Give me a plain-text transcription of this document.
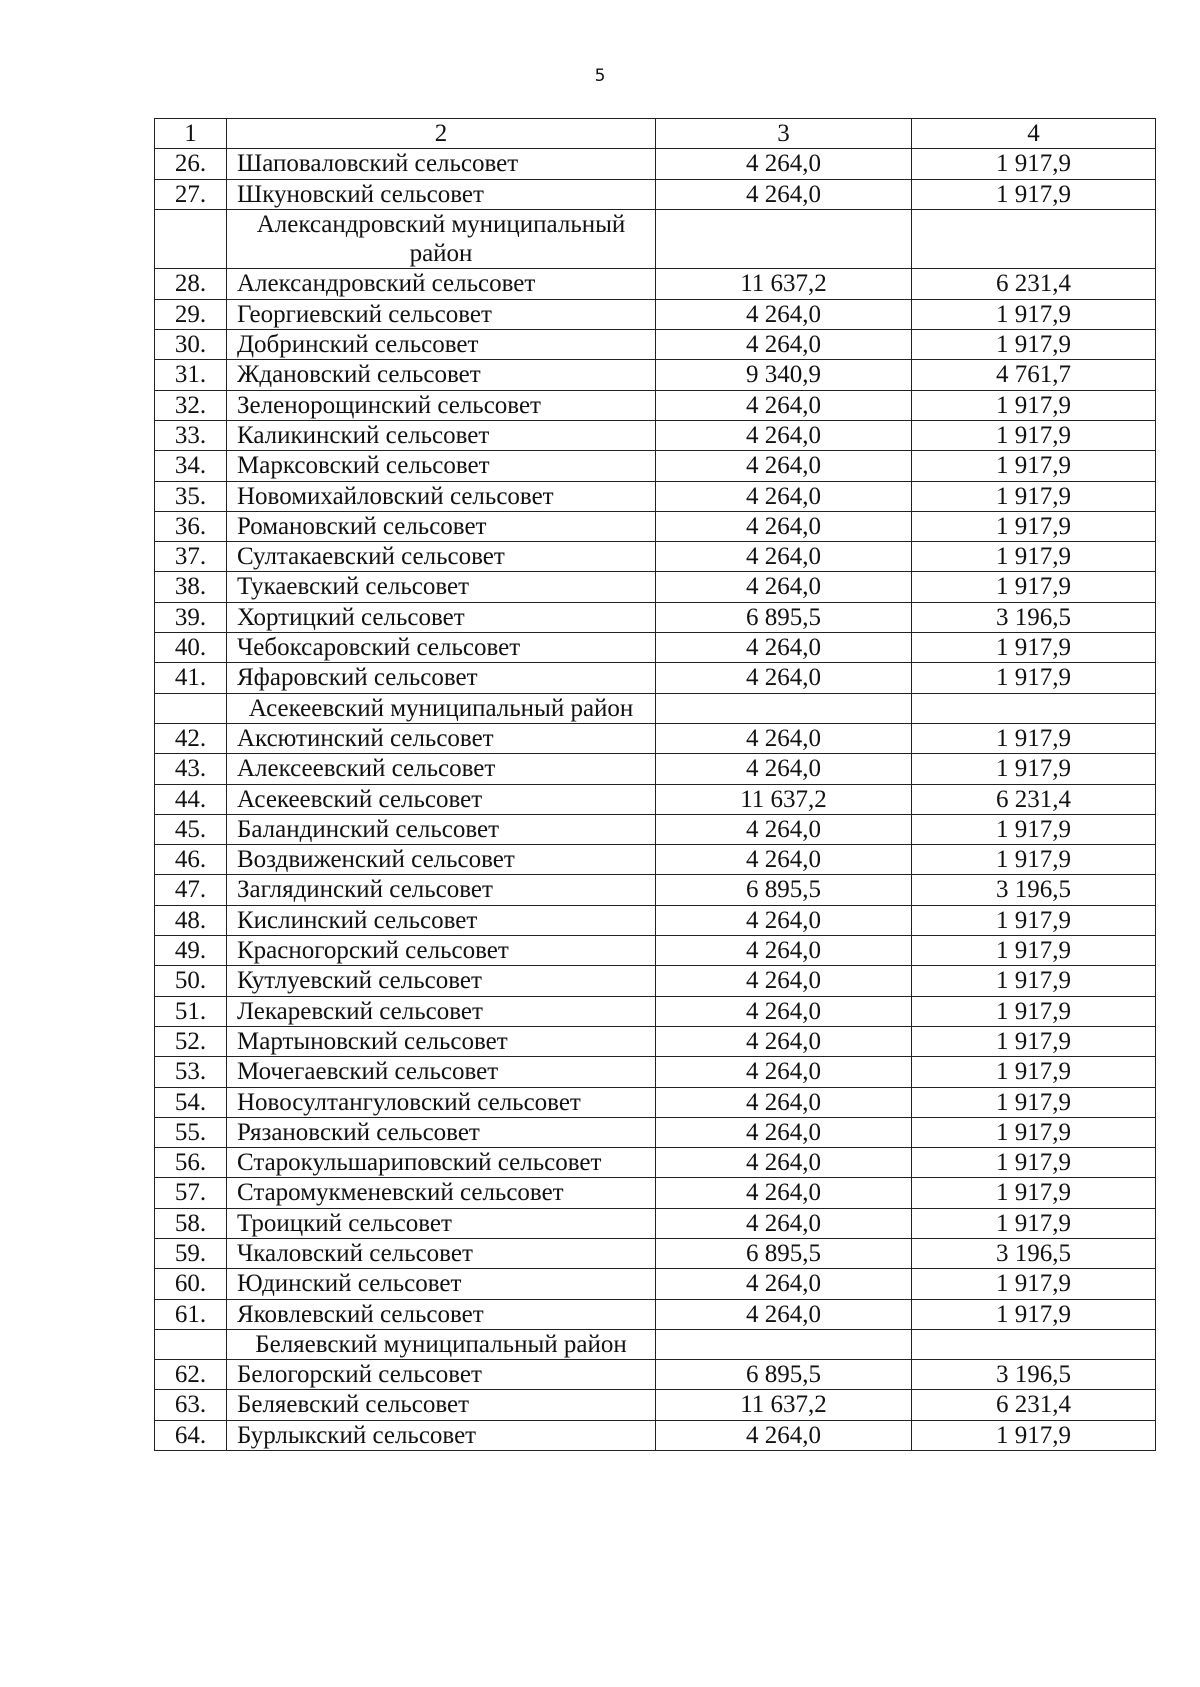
5
1	2	3	4
26.	Шаповаловский сельсовет	4 264,0	1 917,9
27.	Шкуновский сельсовет	4 264,0	1 917,9
	Александровский муниципальный район		
28.	Александровский сельсовет	11 637,2	6 231,4
29.	Георгиевский сельсовет	4 264,0	1 917,9
30.	Добринский сельсовет	4 264,0	1 917,9
31.	Ждановский сельсовет	9 340,9	4 761,7
32.	Зеленорощинский сельсовет	4 264,0	1 917,9
33.	Каликинский сельсовет	4 264,0	1 917,9
34.	Марксовский сельсовет	4 264,0	1 917,9
35.	Новомихайловский сельсовет	4 264,0	1 917,9
36.	Романовский сельсовет	4 264,0	1 917,9
37.	Султакаевский сельсовет	4 264,0	1 917,9
38.	Тукаевский сельсовет	4 264,0	1 917,9
39.	Хортицкий сельсовет	6 895,5	3 196,5
40.	Чебоксаровский сельсовет	4 264,0	1 917,9
41.	Яфаровский сельсовет	4 264,0	1 917,9
	Асекеевский муниципальный район		
42.	Аксютинский сельсовет	4 264,0	1 917,9
43.	Алексеевский сельсовет	4 264,0	1 917,9
44.	Асекеевский сельсовет	11 637,2	6 231,4
45.	Баландинский сельсовет	4 264,0	1 917,9
46.	Воздвиженский сельсовет	4 264,0	1 917,9
47.	Заглядинский сельсовет	6 895,5	3 196,5
48.	Кислинский сельсовет	4 264,0	1 917,9
49.	Красногорский сельсовет	4 264,0	1 917,9
50.	Кутлуевский сельсовет	4 264,0	1 917,9
51.	Лекаревский сельсовет	4 264,0	1 917,9
52.	Мартыновский сельсовет	4 264,0	1 917,9
53.	Мочегаевский сельсовет	4 264,0	1 917,9
54.	Новосултангуловский сельсовет	4 264,0	1 917,9
55.	Рязановский сельсовет	4 264,0	1 917,9
56.	Старокульшариповский сельсовет	4 264,0	1 917,9
57.	Старомукменевский сельсовет	4 264,0	1 917,9
58.	Троицкий сельсовет	4 264,0	1 917,9
59.	Чкаловский сельсовет	6 895,5	3 196,5
60.	Юдинский сельсовет	4 264,0	1 917,9
61.	Яковлевский сельсовет	4 264,0	1 917,9
	Беляевский муниципальный район		
62.	Белогорский сельсовет	6 895,5	3 196,5
63.	Беляевский сельсовет	11 637,2	6 231,4
64.	Бурлыкский сельсовет	4 264,0	1 917,9
